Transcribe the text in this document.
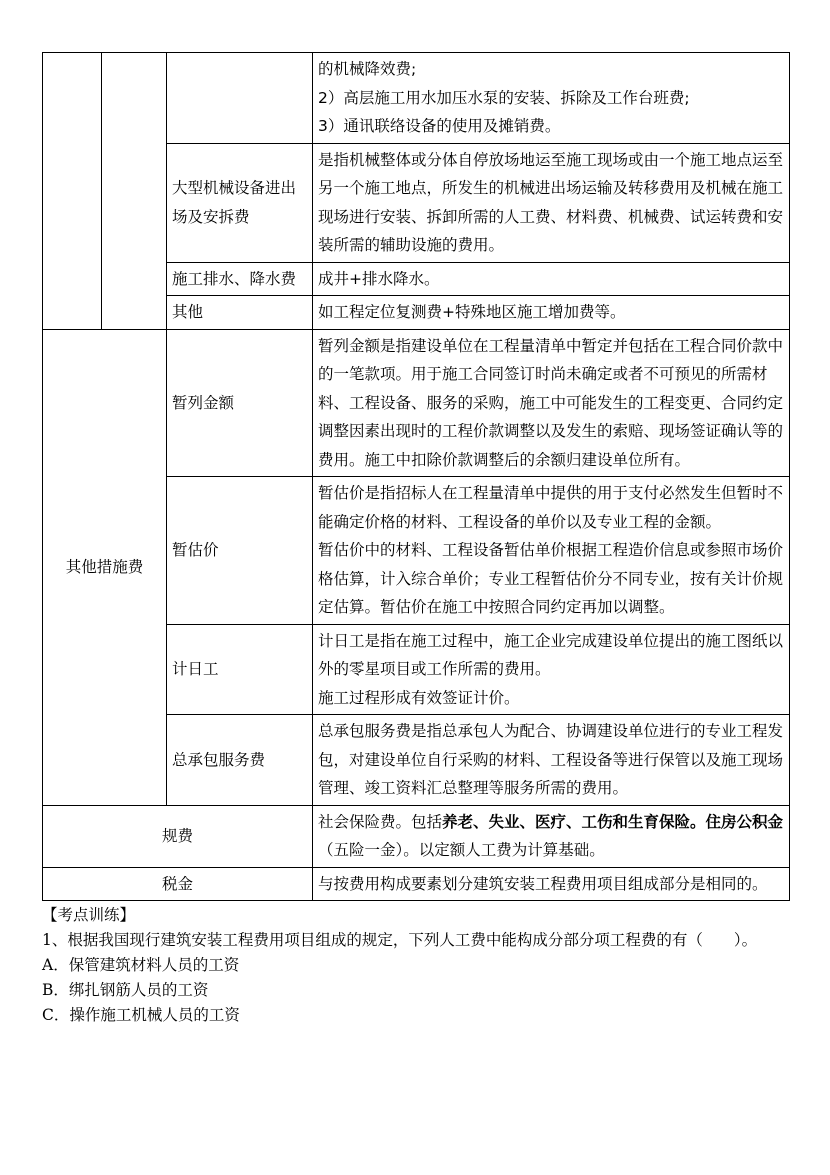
			的机械降效费;

2）高层施工用水加压水泵的安装、拆除及工作台班费;

3）通讯联络设备的使用及摊销费。

		大型机械设备进出场及安拆费	是指机械整体或分体自停放场地运至施工现场或由一个施工地点运至另一个施工地点，所发生的机械进出场运输及转移费用及机械在施工现场进行安装、拆卸所需的人工费、材料费、机械费、试运转费和安装所需的辅助设施的费用。
		施工排水、降水费	成井+排水降水。
		其他	如工程定位复测费+特殊地区施工增加费等。
其他措施费		暂列金额	暂列金额是指建设单位在工程量清单中暂定并包括在工程合同价款中的一笔款项。用于施工合同签订时尚未确定或者不可预见的所需材料、工程设备、服务的采购，施工中可能发生的工程变更、合同约定调整因素出现时的工程价款调整以及发生的索赔、现场签证确认等的费用。施工中扣除价款调整后的余额归建设单位所有。
		暂估价	暂估价是指招标人在工程量清单中提供的用于支付必然发生但暂时不能确定价格的材料、工程设备的单价以及专业工程的金额。

暂估价中的材料、工程设备暂估单价根据工程造价信息或参照市场价格估算，计入综合单价；专业工程暂估价分不同专业，按有关计价规定估算。暂估价在施工中按照合同约定再加以调整。

		计日工	计日工是指在施工过程中，施工企业完成建设单位提出的施工图纸以外的零星项目或工作所需的费用。

施工过程形成有效签证计价。

		总承包服务费	总承包服务费是指总承包人为配合、协调建设单位进行的专业工程发包，对建设单位自行采购的材料、工程设备等进行保管以及施工现场管理、竣工资料汇总整理等服务所需的费用。
规费			社会保险费。包括养老、失业、医疗、工伤和生育保险。住房公积金（五险一金）。以定额人工费为计算基础。
税金			与按费用构成要素划分建筑安装工程费用项目组成部分是相同的。

【考点训练】

1、根据我国现行建筑安装工程费用项目组成的规定，下列人工费中能构成分部分项工程费的有（　　）。

A．保管建筑材料人员的工资

B．绑扎钢筋人员的工资

C．操作施工机械人员的工资
